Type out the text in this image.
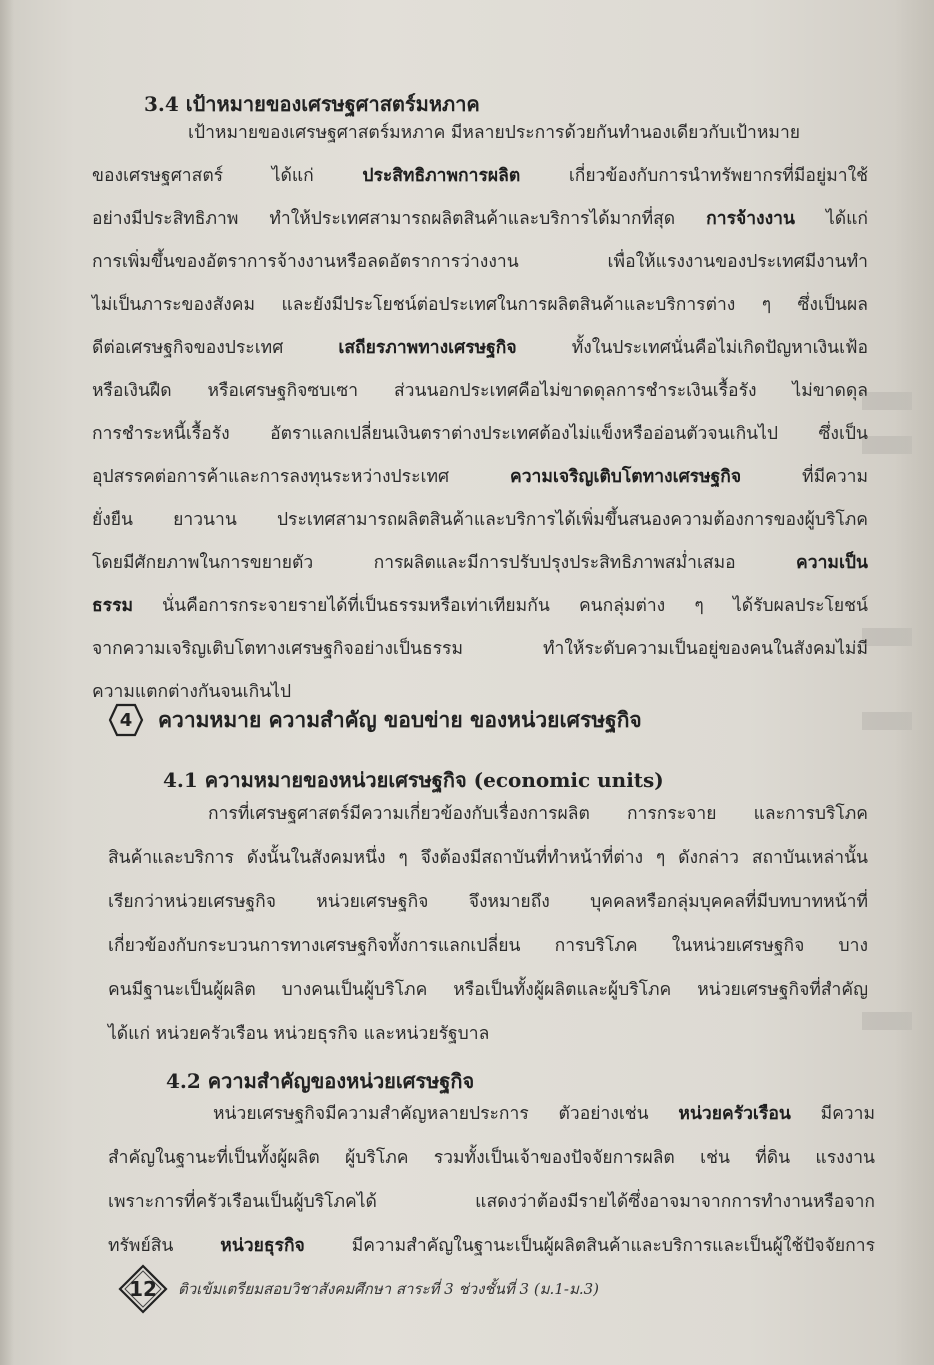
3.4 เป้าหมายของเศรษฐศาสตร์มหภาค
เป้าหมายของเศรษฐศาสตร์มหภาค มีหลายประการด้วยกันทำนองเดียวกับเป้าหมาย
ของเศรษฐศาสตร์ ได้แก่ ประสิทธิภาพการผลิต เกี่ยวข้องกับการนำทรัพยากรที่มีอยู่มาใช้
อย่างมีประสิทธิภาพ ทำให้ประเทศสามารถผลิตสินค้าและบริการได้มากที่สุด การจ้างงาน ได้แก่
การเพิ่มขึ้นของอัตราการจ้างงานหรือลดอัตราการว่างงาน เพื่อให้แรงงานของประเทศมีงานทำ
ไม่เป็นภาระของสังคม และยังมีประโยชน์ต่อประเทศในการผลิตสินค้าและบริการต่าง ๆ ซึ่งเป็นผล
ดีต่อเศรษฐกิจของประเทศ เสถียรภาพทางเศรษฐกิจ ทั้งในประเทศนั่นคือไม่เกิดปัญหาเงินเฟ้อ
หรือเงินฝืด หรือเศรษฐกิจซบเซา ส่วนนอกประเทศคือไม่ขาดดุลการชำระเงินเรื้อรัง ไม่ขาดดุล
การชำระหนี้เรื้อรัง อัตราแลกเปลี่ยนเงินตราต่างประเทศต้องไม่แข็งหรืออ่อนตัวจนเกินไป ซึ่งเป็น
อุปสรรคต่อการค้าและการลงทุนระหว่างประเทศ ความเจริญเติบโตทางเศรษฐกิจ ที่มีความ
ยั่งยืน ยาวนาน ประเทศสามารถผลิตสินค้าและบริการได้เพิ่มขึ้นสนองความต้องการของผู้บริโภค
โดยมีศักยภาพในการขยายตัว การผลิตและมีการปรับปรุงประสิทธิภาพสม่ำเสมอ ความเป็น
ธรรม นั่นคือการกระจายรายได้ที่เป็นธรรมหรือเท่าเทียมกัน คนกลุ่มต่าง ๆ ได้รับผลประโยชน์
จากความเจริญเติบโตทางเศรษฐกิจอย่างเป็นธรรม ทำให้ระดับความเป็นอยู่ของคนในสังคมไม่มี
ความแตกต่างกันจนเกินไป
4	ความหมาย ความสำคัญ ขอบข่าย ของหน่วยเศรษฐกิจ
4.1 ความหมายของหน่วยเศรษฐกิจ (economic units)
การที่เศรษฐศาสตร์มีความเกี่ยวข้องกับเรื่องการผลิต การกระจาย และการบริโภค
สินค้าและบริการ ดังนั้นในสังคมหนึ่ง ๆ จึงต้องมีสถาบันที่ทำหน้าที่ต่าง ๆ ดังกล่าว สถาบันเหล่านั้น
เรียกว่าหน่วยเศรษฐกิจ หน่วยเศรษฐกิจ จึงหมายถึง บุคคลหรือกลุ่มบุคคลที่มีบทบาทหน้าที่
เกี่ยวข้องกับกระบวนการทางเศรษฐกิจทั้งการแลกเปลี่ยน การบริโภค ในหน่วยเศรษฐกิจ บาง
คนมีฐานะเป็นผู้ผลิต บางคนเป็นผู้บริโภค หรือเป็นทั้งผู้ผลิตและผู้บริโภค หน่วยเศรษฐกิจที่สำคัญ
ได้แก่ หน่วยครัวเรือน หน่วยธุรกิจ และหน่วยรัฐบาล
4.2 ความสำคัญของหน่วยเศรษฐกิจ
หน่วยเศรษฐกิจมีความสำคัญหลายประการ ตัวอย่างเช่น หน่วยครัวเรือน มีความ
สำคัญในฐานะที่เป็นทั้งผู้ผลิต ผู้บริโภค รวมทั้งเป็นเจ้าของปัจจัยการผลิต เช่น ที่ดิน แรงงาน
เพราะการที่ครัวเรือนเป็นผู้บริโภคได้ แสดงว่าต้องมีรายได้ซึ่งอาจมาจากการทำงานหรือจาก
ทรัพย์สิน หน่วยธุรกิจ มีความสำคัญในฐานะเป็นผู้ผลิตสินค้าและบริการและเป็นผู้ใช้ปัจจัยการ
12	ติวเข้มเตรียมสอบวิชาสังคมศึกษา สาระที่ 3 ช่วงชั้นที่ 3 (ม.1-ม.3)
